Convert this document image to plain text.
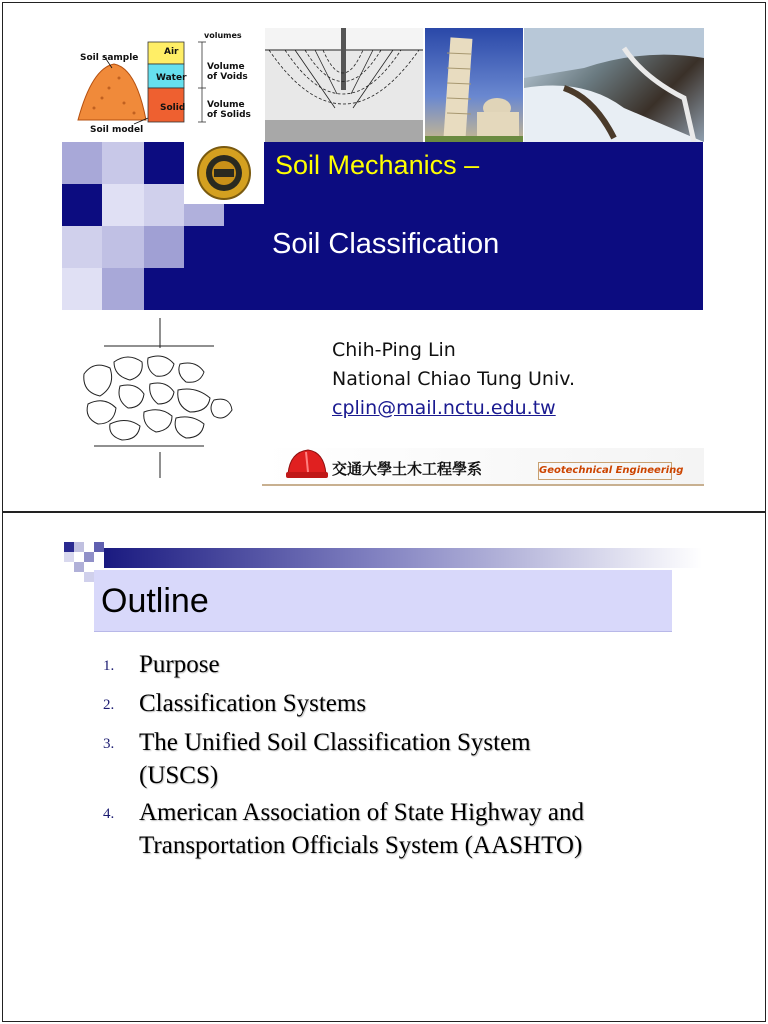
Soil sample
Soil model
Air
Water
Solid
volumes
Volume of Voids
Volume of Solids
Soil Mechanics –
Soil Classification
Chih-Ping Lin
National Chiao Tung Univ.
cplin@mail.nctu.edu.tw
交通大學土木工程學系	Geotechnical Engineering
Outline
1. Purpose
2. Classification Systems
3. The Unified Soil Classification System
(USCS)
4. American Association of State Highway and
Transportation Officials System (AASHTO)
